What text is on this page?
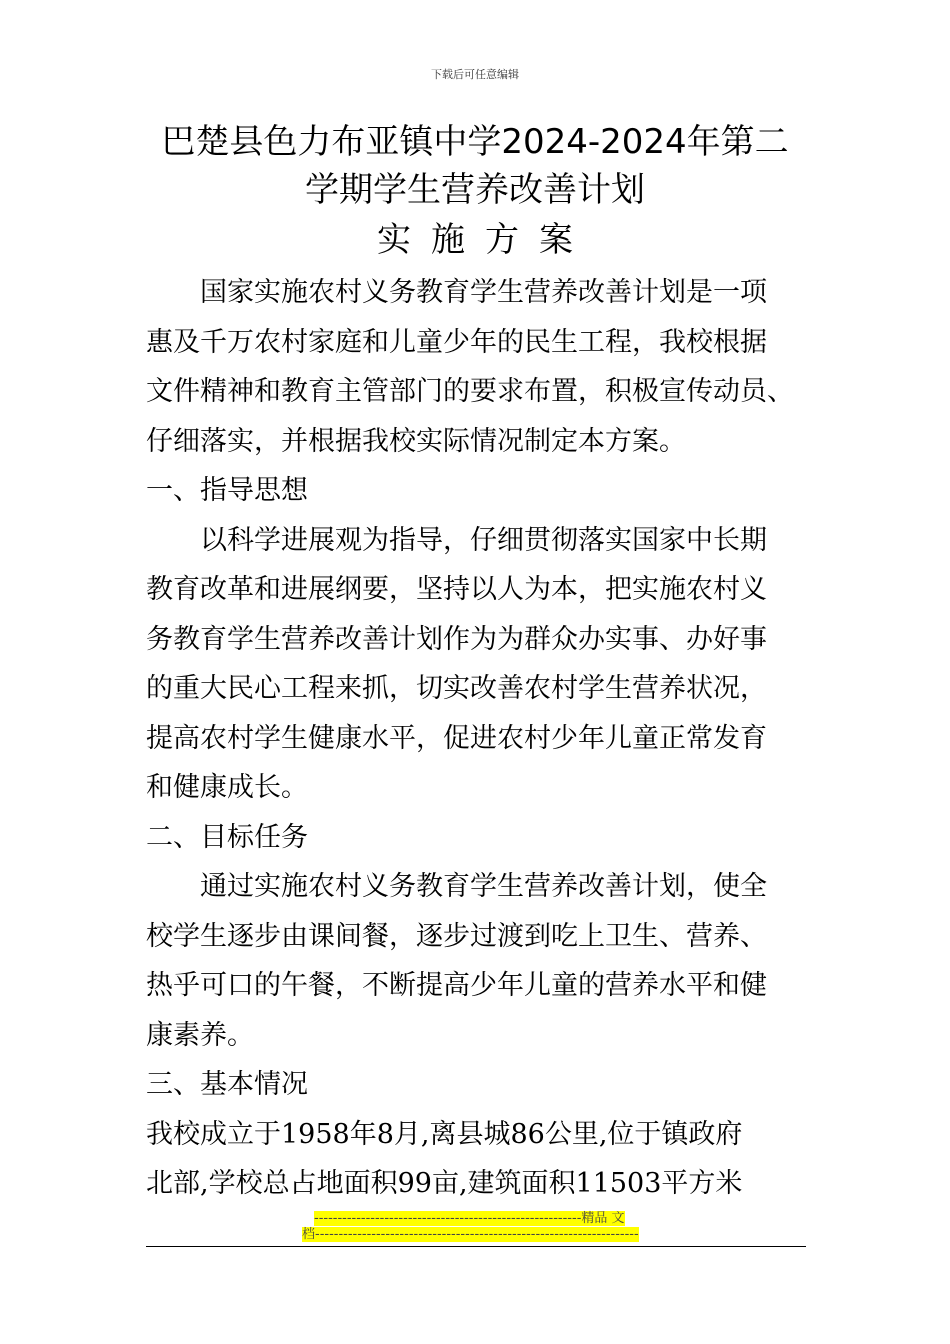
下载后可任意编辑
巴楚县色力布亚镇中学2024-2024年第二
学期学生营养改善计划
实施方案
国家实施农村义务教育学生营养改善计划是一项
惠及千万农村家庭和儿童少年的民生工程，我校根据
文件精神和教育主管部门的要求布置，积极宣传动员、
仔细落实，并根据我校实际情况制定本方案。
一、指导思想
以科学进展观为指导，仔细贯彻落实国家中长期
教育改革和进展纲要，坚持以人为本，把实施农村义
务教育学生营养改善计划作为为群众办实事、办好事
的重大民心工程来抓，切实改善农村学生营养状况，
提高农村学生健康水平，促进农村少年儿童正常发育
和健康成长。
二、目标任务
通过实施农村义务教育学生营养改善计划，使全
校学生逐步由课间餐，逐步过渡到吃上卫生、营养、
热乎可口的午餐，不断提高少年儿童的营养水平和健
康素养。
三、基本情况
我校成立于1958年8月,离县城86公里,位于镇政府
北部,学校总占地面积99亩,建筑面积11503平方米
---------------------------------------------------------精品 文
档---------------------------------------------------------------------
